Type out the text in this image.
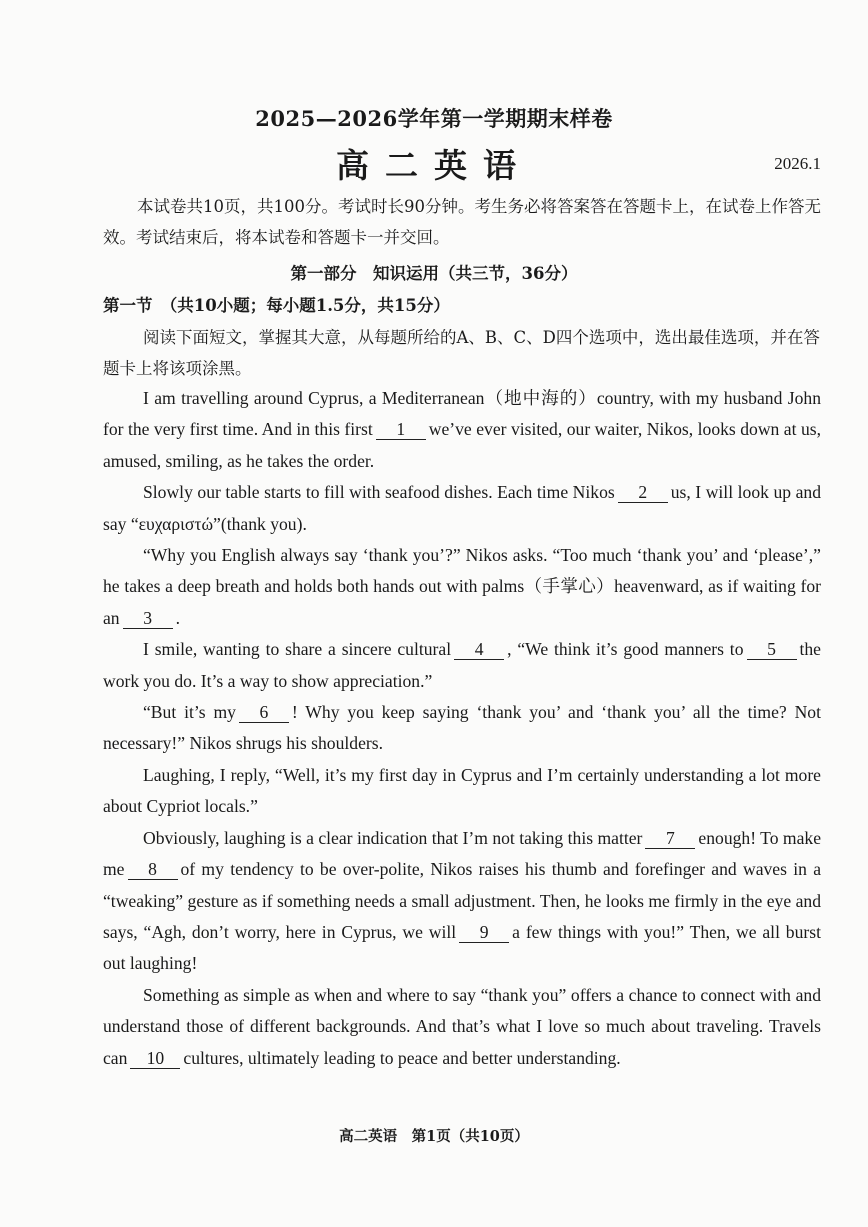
2025—2026学年第一学期期末样卷
高二英语	2026.1
本试卷共10页，共100分。考试时长90分钟。考生务必将答案答在答题卡上，在试卷上作答无效。考试结束后，将本试卷和答题卡一并交回。
第一部分　知识运用（共三节，36分）
第一节　（共10小题；每小题1.5分，共15分）
阅读下面短文，掌握其大意，从每题所给的A、B、C、D四个选项中，选出最佳选项，并在答题卡上将该项涂黑。

I am travelling around Cyprus, a Mediterranean（地中海的）country, with my husband John for the very first time. And in this first 1 we’ve ever visited, our waiter, Nikos, looks down at us, amused, smiling, as he takes the order.

Slowly our table starts to fill with seafood dishes. Each time Nikos 2 us, I will look up and say “ευχαριστώ”(thank you).

“Why you English always say ‘thank you’?” Nikos asks. “Too much ‘thank you’ and ‘please’,” he takes a deep breath and holds both hands out with palms（手掌心）heavenward, as if waiting for an 3 .

I smile, wanting to share a sincere cultural 4 , “We think it’s good manners to 5 the work you do. It’s a way to show appreciation.”

“But it’s my 6 ! Why you keep saying ‘thank you’ and ‘thank you’ all the time? Not necessary!” Nikos shrugs his shoulders.

Laughing, I reply, “Well, it’s my first day in Cyprus and I’m certainly understanding a lot more about Cypriot locals.”

Obviously, laughing is a clear indication that I’m not taking this matter 7 enough! To make me 8 of my tendency to be over-polite, Nikos raises his thumb and forefinger and waves in a “tweaking” gesture as if something needs a small adjustment. Then, he looks me firmly in the eye and says, “Agh, don’t worry, here in Cyprus, we will 9 a few things with you!” Then, we all burst out laughing!

Something as simple as when and where to say “thank you” offers a chance to connect with and understand those of different backgrounds. And that’s what I love so much about traveling. Travels can 10 cultures, ultimately leading to peace and better understanding.

高二英语　第1页（共10页）
